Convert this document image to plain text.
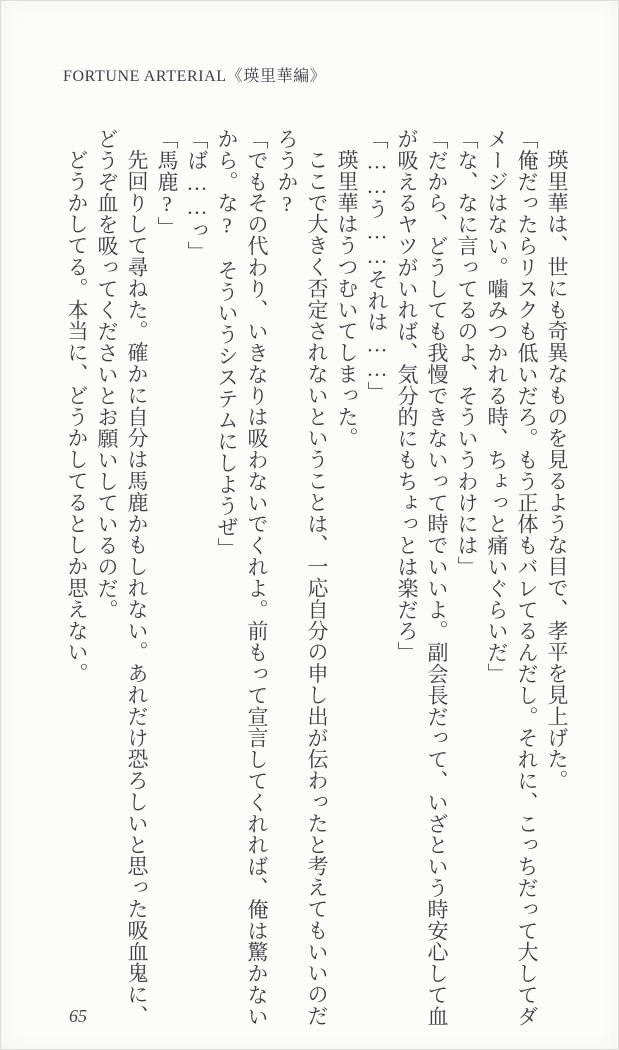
FORTUNE ARTERIAL《瑛里華編》
瑛里華は、世にも奇異なものを見るような目で、孝平を見上げた。
「俺だったらリスクも低いだろ。もう正体もバレてるんだし。それに、こっちだって大してダ
メージはない。噛みつかれる時、ちょっと痛いぐらいだ」
「な、なに言ってるのよ、そういうわけには」
「だから、どうしても我慢できないって時でいいよ。副会長だって、いざという時安心して血
が吸えるヤツがいれば、気分的にもちょっとは楽だろ」
「……う……それは……」
瑛里華はうつむいてしまった。
ここで大きく否定されないということは、一応自分の申し出が伝わったと考えてもいいのだ
ろうか?
「でもその代わり、いきなりは吸わないでくれよ。前もって宣言してくれれば、俺は驚かない
から。な?　そういうシステムにしようぜ」
「ば……っ」
「馬鹿?」
先回りして尋ねた。確かに自分は馬鹿かもしれない。あれだけ恐ろしいと思った吸血鬼に、
どうぞ血を吸ってくださいとお願いしているのだ。
どうかしてる。本当に、どうかしてるとしか思えない。
65
